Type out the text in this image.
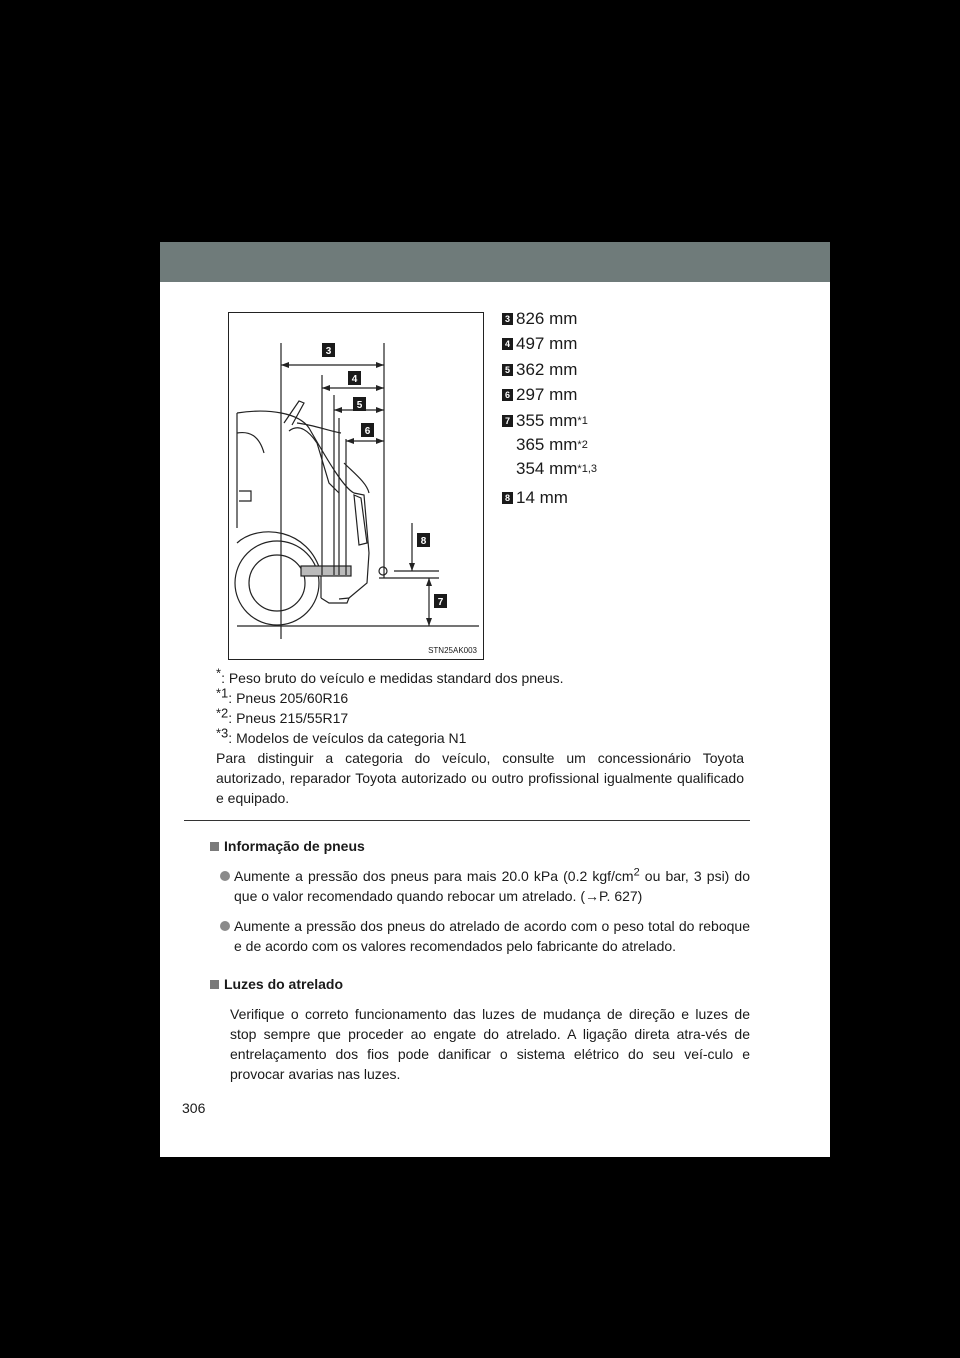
3
4
5
6
8
7
STN25AK003
3 826 mm
4 497 mm
5 362 mm
6 297 mm
7 355 mm *1
365 mm *2
354 mm *1,3
8 14 mm
*: Peso bruto do veículo e medidas standard dos pneus.
$^{*1}$: Pneus 205/60R16
$^{*2}$: Pneus 215/55R17
$^{*3}$: Modelos de veículos da categoria N1
Para distinguir a categoria do veículo, consulte um concessionário Toyota autorizado, reparador Toyota autorizado ou outro profissional igualmente qualificado e equipado.
Informação de pneus
Aumente a pressão dos pneus para mais 20.0 kPa (0.2 kgf/$cm^2$ ou bar, 3 psi) do que o valor recomendado quando rebocar um atrelado. (→P. 627)
Aumente a pressão dos pneus do atrelado de acordo com o peso total do reboque e de acordo com os valores recomendados pelo fabricante do atrelado.
Luzes do atrelado
Verifique o correto funcionamento das luzes de mudança de direção e luzes de stop sempre que proceder ao engate do atrelado. A ligação direta atra-vés de entrelaçamento dos fios pode danificar o sistema elétrico do seu veí-culo e provocar avarias nas luzes.
306
